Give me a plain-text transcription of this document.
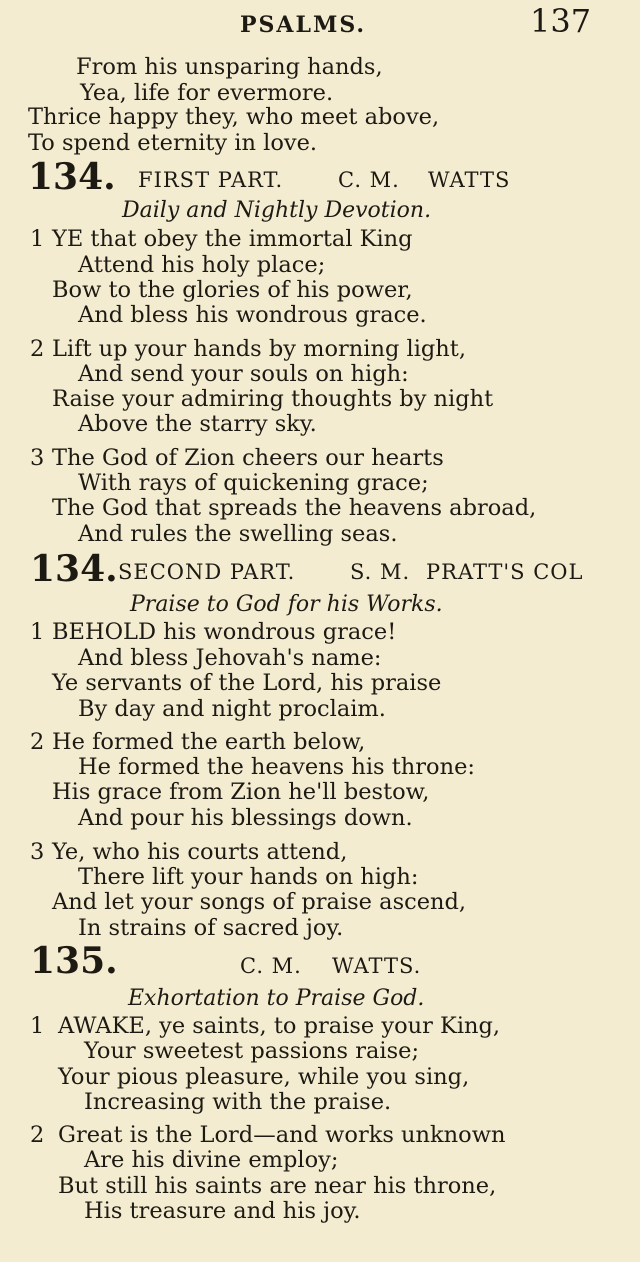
PSALMS.	137
From his unsparing hands,
Yea, life for evermore.
Thrice happy they, who meet above,
To spend eternity in love.
134. FIRST PART.	C. M. WATTS
Daily and Nightly Devotion.
1 YE that obey the immortal King
Attend his holy place;
Bow to the glories of his power,
And bless his wondrous grace.
2 Lift up your hands by morning light,
And send your souls on high:
Raise your admiring thoughts by night
Above the starry sky.
3 The God of Zion cheers our hearts
With rays of quickening grace;
The God that spreads the heavens abroad,
And rules the swelling seas.
134. SECOND PART.	S. M. PRATT'S COL
Praise to God for his Works.
1 BEHOLD his wondrous grace!
And bless Jehovah's name:
Ye servants of the Lord, his praise
By day and night proclaim.
2 He formed the earth below,
He formed the heavens his throne:
His grace from Zion he'll bestow,
And pour his blessings down.
3 Ye, who his courts attend,
There lift your hands on high:
And let your songs of praise ascend,
In strains of sacred joy.
135.	C. M. WATTS.
Exhortation to Praise God.
1 AWAKE, ye saints, to praise your King,
Your sweetest passions raise;
Your pious pleasure, while you sing,
Increasing with the praise.
2 Great is the Lord—and works unknown
Are his divine employ;
But still his saints are near his throne,
His treasure and his joy.
